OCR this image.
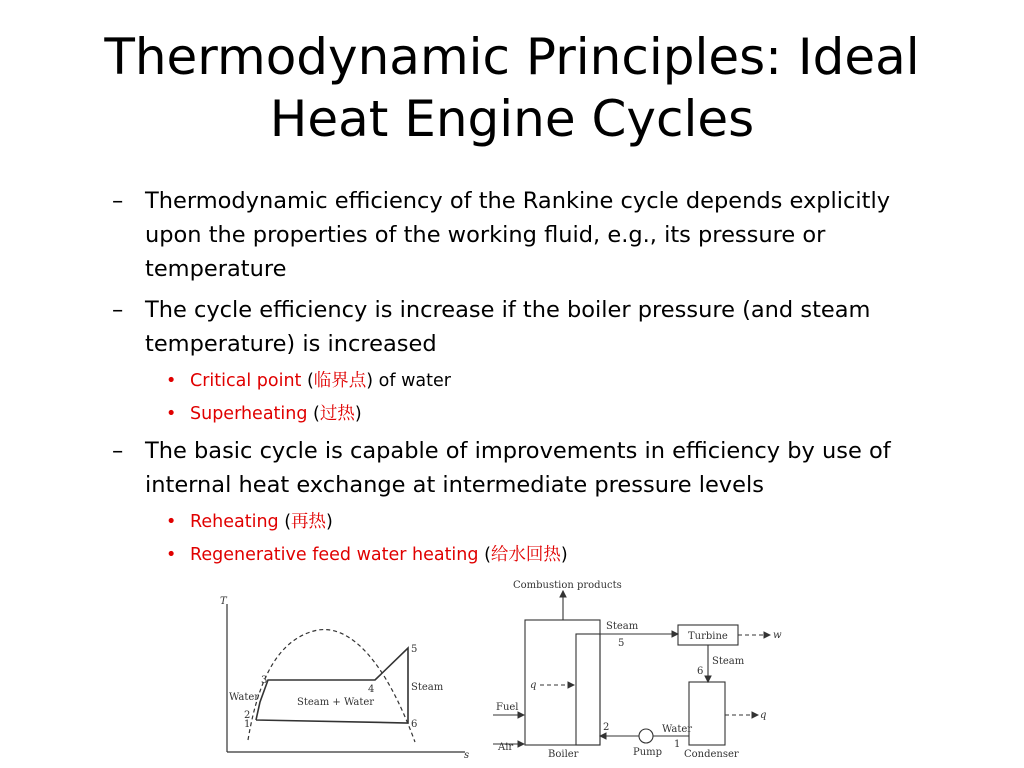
Thermodynamic Principles: Ideal Heat Engine Cycles
– Thermodynamic efficiency of the Rankine cycle depends explicitly upon the properties of the working fluid, e.g., its pressure or temperature
– The cycle efficiency is increase if the boiler pressure (and steam temperature) is increased
• Critical point (临界点) of water
• Superheating (过热)
– The basic cycle is capable of improvements in efficiency by use of internal heat exchange at intermediate pressure levels
• Reheating (再热)
• Regenerative feed water heating (给水回热)
T
s
1
2
3
4
5
6
Water	Steam + Water
Steam
Combustion products
Steam
5
Turbine	w
6
Steam
q
q
Fuel
Air
Boiler
2
Pump
Water
1
Condenser
